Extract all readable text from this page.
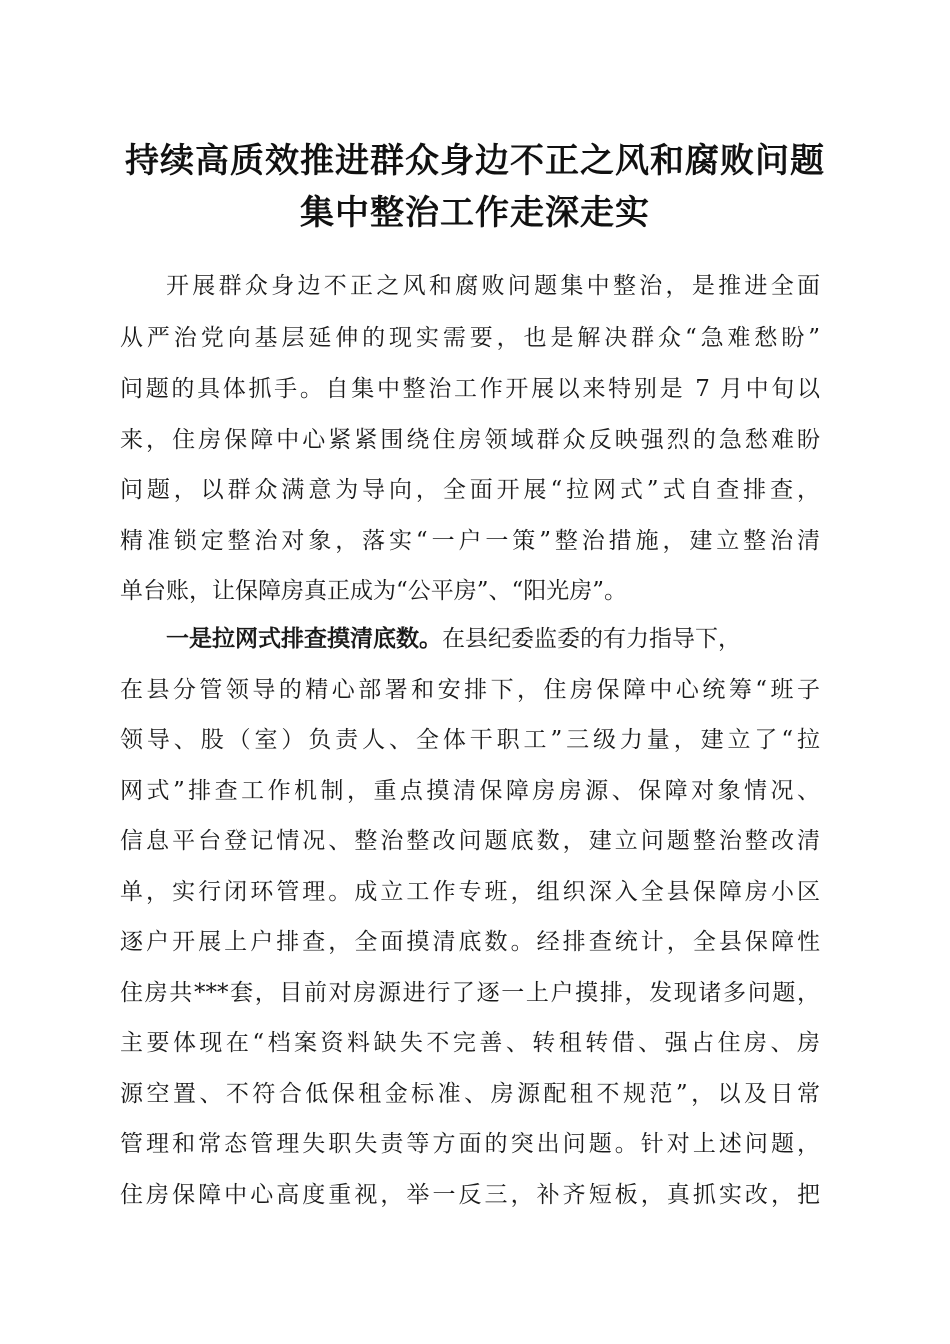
持续高质效推进群众身边不正之风和腐败问题
集中整治工作走深走实
开展群众身边不正之风和腐败问题集中整治，是推进全面
从严治党向基层延伸的现实需要，也是解决群众“急难愁盼”
问题的具体抓手。自集中整治工作开展以来特别是 7 月中旬以
来，住房保障中心紧紧围绕住房领域群众反映强烈的急愁难盼
问题，以群众满意为导向，全面开展“拉网式”式自查排查，
精准锁定整治对象，落实“一户一策”整治措施，建立整治清
单台账，让保障房真正成为“公平房”、“阳光房”。
一是拉网式排查摸清底数。在县纪委监委的有力指导下，
在县分管领导的精心部署和安排下，住房保障中心统筹“班子
领导、股（室）负责人、全体干职工”三级力量，建立了“拉
网式”排查工作机制，重点摸清保障房房源、保障对象情况、
信息平台登记情况、整治整改问题底数，建立问题整治整改清
单，实行闭环管理。成立工作专班，组织深入全县保障房小区
逐户开展上户排查，全面摸清底数。经排查统计，全县保障性
住房共***套，目前对房源进行了逐一上户摸排，发现诸多问题，
主要体现在“档案资料缺失不完善、转租转借、强占住房、房
源空置、不符合低保租金标准、房源配租不规范”，以及日常
管理和常态管理失职失责等方面的突出问题。针对上述问题，
住房保障中心高度重视，举一反三，补齐短板，真抓实改，把
